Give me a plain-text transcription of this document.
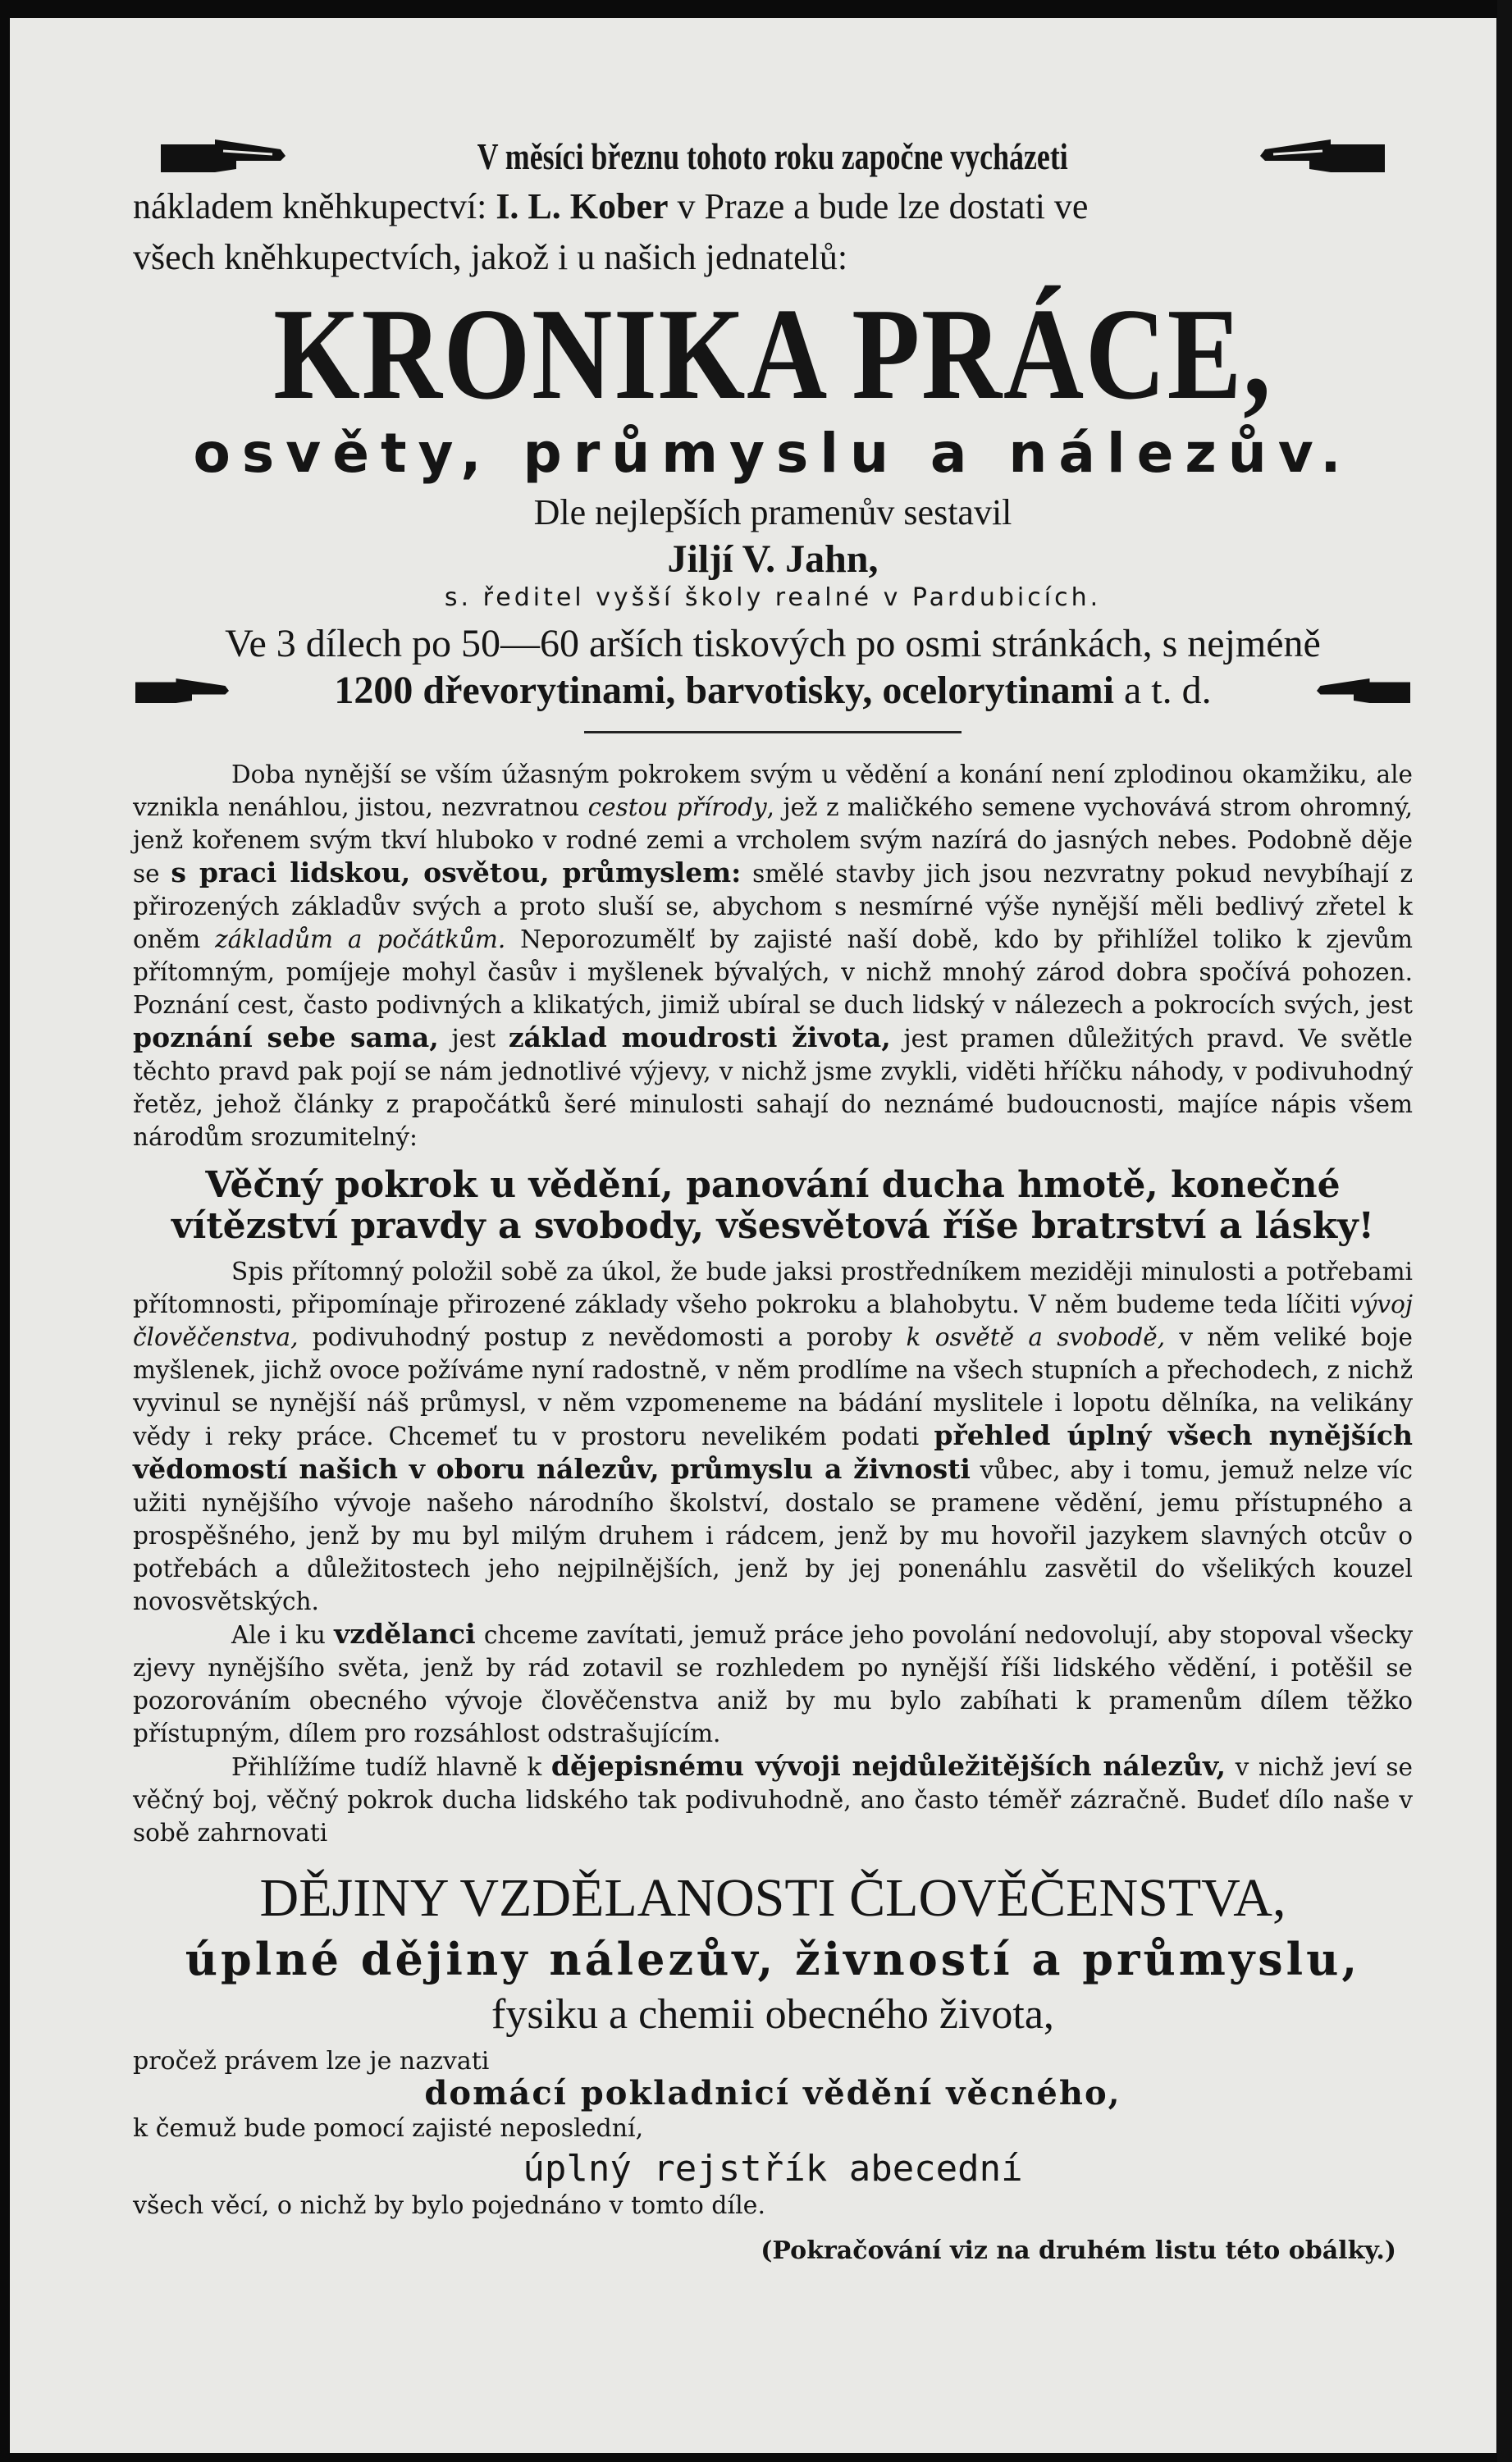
V měsíci březnu tohoto roku započne vycházeti
nákladem kněhkupectví: I. L. Kober v Praze a bude lze dostati ve
všech kněhkupectvích, jakož i u našich jednatelů:
KRONIKA PRÁCE,
osvěty, průmyslu a nálezův.
Dle nejlepších pramenův sestavil
Jiljí V. Jahn,
s. ředitel vyšší školy realné v Pardubicích.
Ve 3 dílech po 50—60 arších tiskových po osmi stránkách, s nejméně
1200 dřevorytinami, barvotisky, ocelorytinami a t. d.

Doba nynější se vším úžasným pokrokem svým u vědění a konání není zplodinou okamžiku, ale vznikla nenáhlou, jistou, nezvratnou cestou přírody, jež z maličkého semene vychovává strom ohromný, jenž kořenem svým tkví hluboko v rodné zemi a vrcholem svým nazírá do jasných nebes. Podobně děje se s praci lidskou, osvětou, průmyslem: smělé stavby jich jsou nezvratny pokud nevybíhají z přirozených základův svých a proto sluší se, abychom s nesmírné výše nynější měli bedlivý zřetel k oněm základům a počátkům. Neporozumělť by zajisté naší době, kdo by přihlížel toliko k zjevům přítomným, pomíjeje mohyl časův i myšlenek bývalých, v nichž mnohý zárod dobra spočívá pohozen. Poznání cest, často podivných a klikatých, jimiž ubíral se duch lidský v nálezech a pokrocích svých, jest poznání sebe sama, jest základ moudrosti života, jest pramen důležitých pravd. Ve světle těchto pravd pak pojí se nám jednotlivé výjevy, v nichž jsme zvykli, viděti hříčku náhody, v podivuhodný řetěz, jehož články z prapočátků šeré minulosti sahají do neznámé budoucnosti, majíce nápis všem národům srozumitelný:

Věčný pokrok u vědění, panování ducha hmotě, konečné vítězství pravdy a svobody, všesvětová říše bratrství a lásky!

Spis přítomný položil sobě za úkol, že bude jaksi prostředníkem meziději minulosti a potřebami přítomnosti, připomínaje přirozené základy všeho pokroku a blahobytu. V něm budeme teda líčiti vývoj člověčenstva, podivuhodný postup z nevědomosti a poroby k osvětě a svobodě, v něm veliké boje myšlenek, jichž ovoce požíváme nyní radostně, v něm prodlíme na všech stupních a přechodech, z nichž vyvinul se nynější náš průmysl, v něm vzpomeneme na bádání myslitele i lopotu dělníka, na velikány vědy i reky práce. Chcemeť tu v prostoru nevelikém podati přehled úplný všech nynějších vědomostí našich v oboru nálezův, průmyslu a živnosti vůbec, aby i tomu, jemuž nelze víc užiti nynějšího vývoje našeho národního školství, dostalo se pramene vědění, jemu přístupného a prospěšného, jenž by mu byl milým druhem i rádcem, jenž by mu hovořil jazykem slavných otcův o potřebách a důležitostech jeho nejpilnějších, jenž by jej ponenáhlu zasvětil do všelikých kouzel novosvětských.

Ale i ku vzdělanci chceme zavítati, jemuž práce jeho povolání nedovolují, aby stopoval všecky zjevy nynějšího světa, jenž by rád zotavil se rozhledem po nynější říši lidského vědění, i potěšil se pozorováním obecného vývoje člověčenstva aniž by mu bylo zabíhati k pramenům dílem těžko přístupným, dílem pro rozsáhlost odstrašujícím.

Přihlížíme tudíž hlavně k dějepisnému vývoji nejdůležitějších nálezův, v nichž jeví se věčný boj, věčný pokrok ducha lidského tak podivuhodně, ano často téměř zázračně. Budeť dílo naše v sobě zahrnovati

DĚJINY VZDĚLANOSTI ČLOVĚČENSTVA,
úplné dějiny nálezův, živností a průmyslu,
fysiku a chemii obecného života,
pročež právem lze je nazvati
domácí pokladnicí vědění věcného,
k čemuž bude pomocí zajisté neposlední,
úplný rejstřík abecední
všech věcí, o nichž by bylo pojednáno v tomto díle.
(Pokračování viz na druhém listu této obálky.)
